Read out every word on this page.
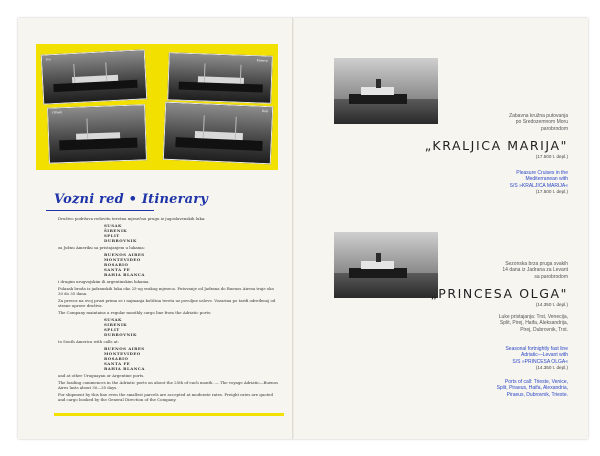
Ivo	Kosovo
Olinda	Dub
Vozni red • Itinerary

Društvo podržava redovitu teretnu mjesečnu prugu iz jugoslavenskih luka:

SUSAK
ŠIBENIK
SPLIT
DUBROVNIK

za Južnu Ameriku sa pristajanjem u lukama:

BUENOS AIRES
MONTEVIDEO
ROSARIO
SANTA FE
BAHIA BLANCA

i drugim urugvajskim ili argentinskim lukama.

Polazak broda iz jadranskih luka oko 25-og svakog mjeseca. Putovanje od Jadrana do Buenos Airesa traje oko 30 do 35 dana.

Za prevoz na ovoj pruzi prima se i najmanja količina tereta uz povoljne uslove. Vozarina po tarifi određenoj od strane uprave društva.

The Company maintains a regular monthly cargo line from the Adriatic ports:

SUSAK
SIBENIK
SPLIT
DUBROVNIK

to South America with calls at:

BUENOS AIRES
MONTEVIDEO
ROSARIO
SANTA FE
BAHIA BLANCA

and at other Uruguayan or Argentine ports.

The loading commences in the Adriatic ports on about the 25th of each month. — The voyage Adriatic—Buenos Aires lasts about 30—35 days.

For shipment by this line even the smallest parcels are accepted at moderate rates. Freight rates are quoted and cargo booked by the General Direction of the Company.

Zabavna kružna putovanja
po Sredozemnom Moru
parobrodom
„KRALJICA MARIJA"
(17.500 t. depl.)
Pleasure Cruises in the
Mediterranean with
S/S »KRALJICA MARIJA«
(17.500 t. depl.)
Sezonska brza pruga svakih
14 dana iz Jadrana za Levant
sa parobrodom
„PRINCESA OLGA"
(14.350 t. depl.)
Luke pristajanja: Trst, Venecija,
Split, Pirej, Haifa, Aleksandrija,
Pirej, Dubrovnik, Trst.
Seasonal fortnightly fast line
Adriatic—Levant with
S/S »PRINCESA OLGA«
(14.350 t. depl.)
Ports of call: Trieste, Venice,
Split, Piraeus, Haifa, Alexandria,
Piraeus, Dubrovnik, Trieste.
